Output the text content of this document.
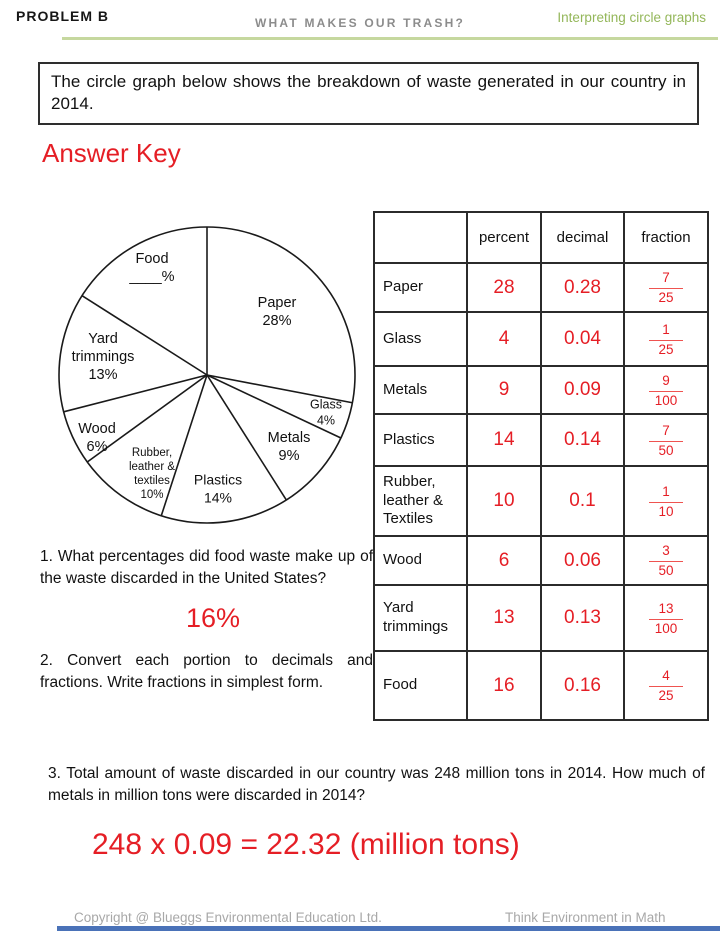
PROBLEM B	WHAT MAKES OUR TRASH?	Interpreting circle graphs
The circle graph below shows the breakdown of waste generated in our country in 2014.
Answer Key
Food
____%
Paper
28%
Yard
trimmings
13%
Wood
6%	Rubber,
leather &
textiles
10%
Plastics
14%
Metals
9%
Glass
4%
	percent	decimal	fraction
Paper	28	0.28	$\frac{7}{25}$

Glass	4	0.04	$\frac{1}{25}$

Metals	9	0.09	$\frac{9}{100}$

Plastics	14	0.14	$\frac{7}{50}$

Rubber, leather & Textiles	10	0.1	$\frac{1}{10}$

Wood	6	0.06	$\frac{3}{50}$

Yard trimmings	13	0.13	$\frac{13}{100}$

Food	16	0.16	$\frac{4}{25}$
1. What percentages did food waste make up of the waste discarded in the United States?
16%
2. Convert each portion to decimals and fractions. Write fractions in simplest form.
3. Total amount of waste discarded in our country was 248 million tons in 2014. How much of metals in million tons were discarded in 2014?
248 x 0.09 = 22.32 (million tons)
Copyright @ Blueggs Environmental Education Ltd.	Think Environment in Math
